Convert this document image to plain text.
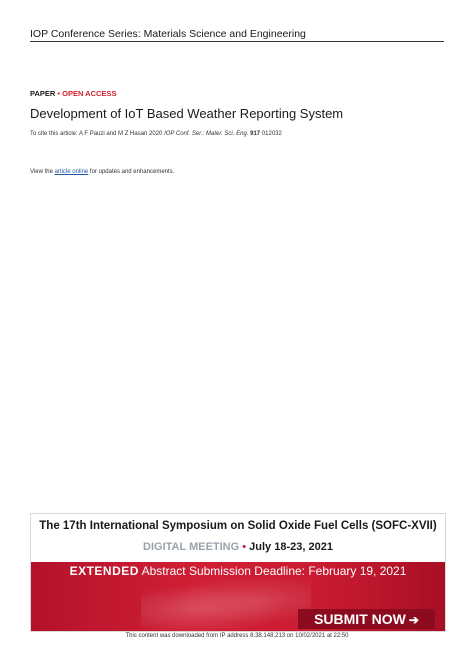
IOP Conference Series: Materials Science and Engineering
PAPER • OPEN ACCESS
Development of IoT Based Weather Reporting System
To cite this article: A F Pauzi and M Z Hasan 2020 IOP Conf. Ser.: Mater. Sci. Eng. 917 012032
View the article online for updates and enhancements.
The 17th International Symposium on Solid Oxide Fuel Cells (SOFC-XVII)
DIGITAL MEETING • July 18-23, 2021
EXTENDED Abstract Submission Deadline: February 19, 2021
SUBMIT NOW ➔
This content was downloaded from IP address 8.38.148.213 on 10/02/2021 at 22:50
